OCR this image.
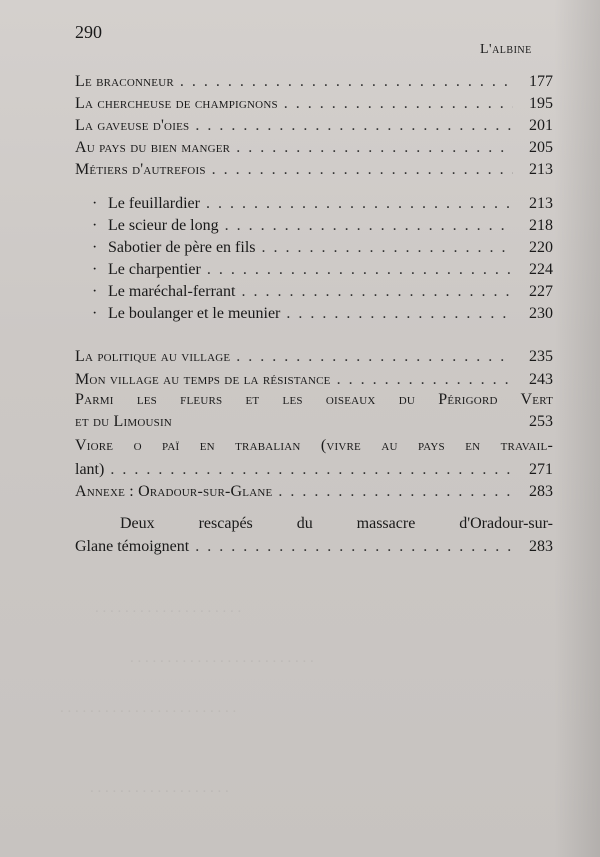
. . . . . . . . . . . . . . . . . . . .
. . . . . . . . . . . . . . . . . . . . . . . . .
. . . . . . . . . . . . . . . . . . . . . . . .
. . . . . . . . . . . . . . . . . . .
290
L'albine
Le braconneur . . .	177
La chercheuse de champignons . . .	195
La gaveuse d'oies . . .	201
Au pays du bien manger . . .	205
Métiers d'autrefois . . .	213
· Le feuillardier . . .	213
· Le scieur de long . . .	218
· Sabotier de père en fils . . .	220
· Le charpentier . . .	224
· Le maréchal-ferrant . . .	227
· Le boulanger et le meunier . . .	230
La politique au village . . .	235
Mon village au temps de la résistance . . .	243
Parmi les fleurs et les oiseaux du Périgord Vert
et du Limousin	253
Viore o paï en trabalian (vivre au pays en travail-
lant) . . .	271
Annexe : Oradour-sur-Glane . . .	283
Deux rescapés du massacre d'Oradour-sur-
Glane témoignent . . .	283
